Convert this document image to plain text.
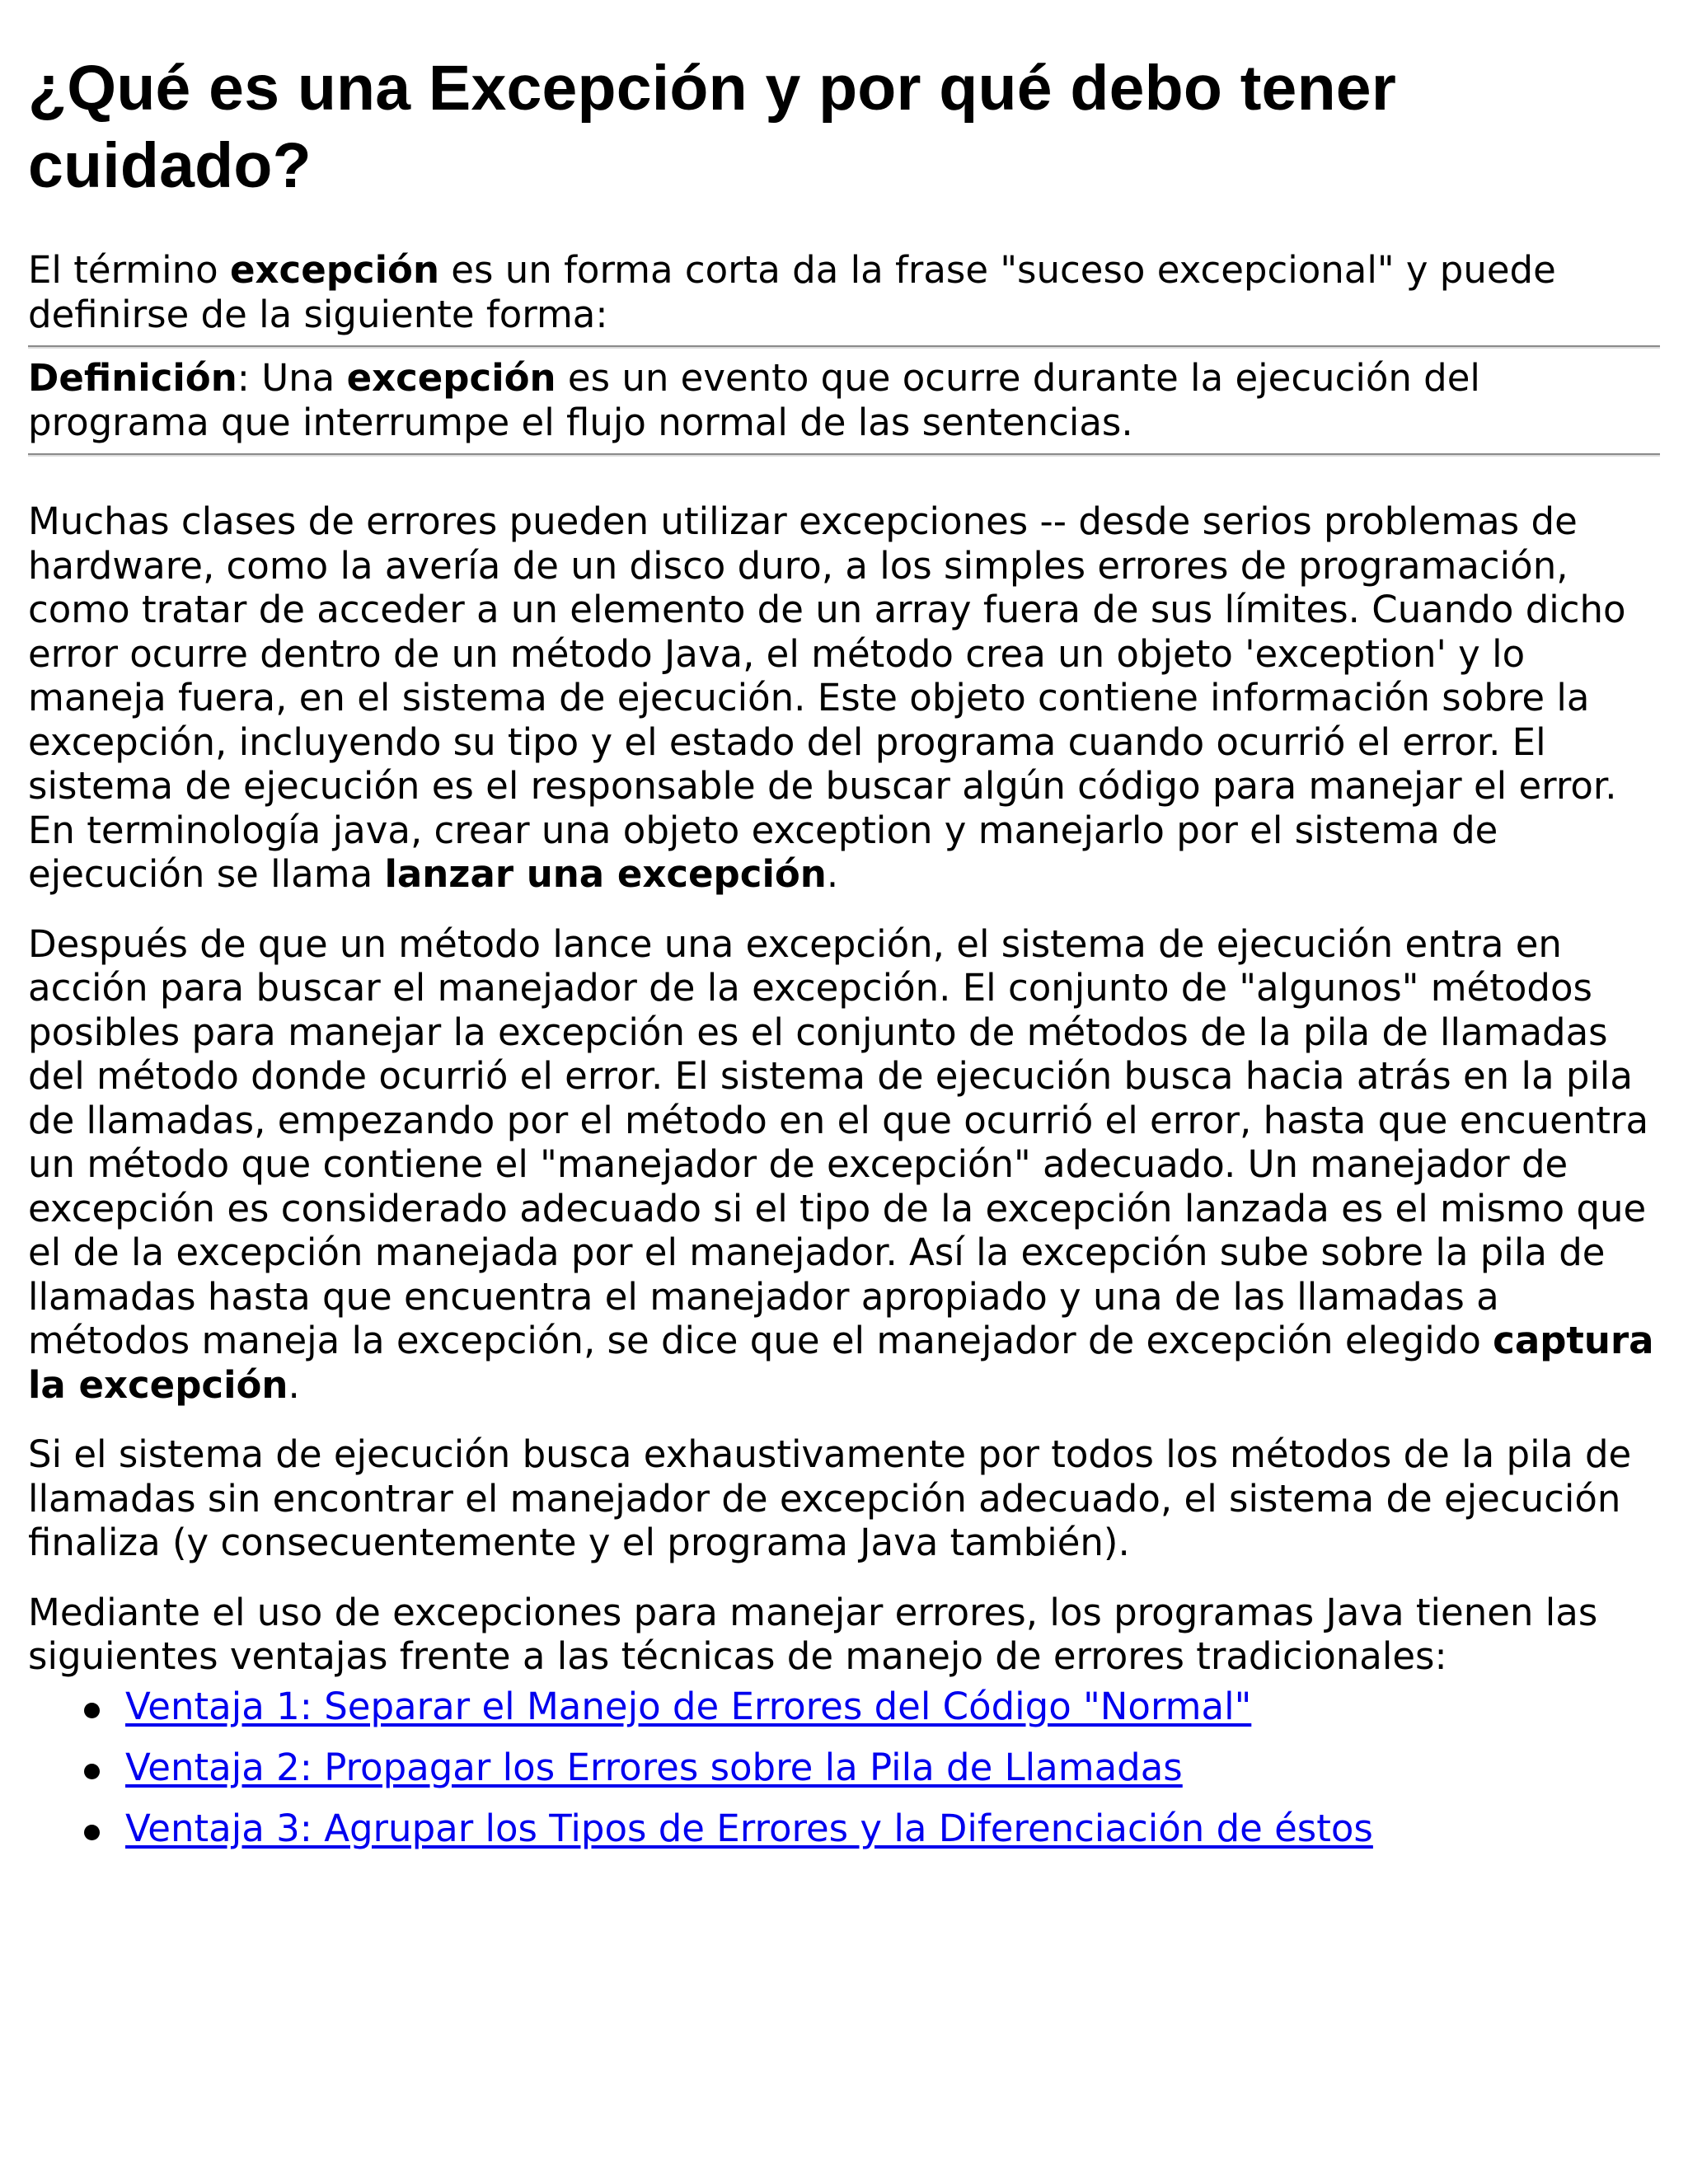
¿Qué es una Excepción y por qué debo tener cuidado?

El término excepción es un forma corta da la frase "suceso excepcional" y puede definirse de la siguiente forma:

Definición: Una excepción es un evento que ocurre durante la ejecución del programa que interrumpe el flujo normal de las sentencias.

Muchas clases de errores pueden utilizar excepciones -- desde serios problemas de hardware, como la avería de un disco duro, a los simples errores de programación, como tratar de acceder a un elemento de un array fuera de sus límites. Cuando dicho error ocurre dentro de un método Java, el método crea un objeto 'exception' y lo maneja fuera, en el sistema de ejecución. Este objeto contiene información sobre la excepción, incluyendo su tipo y el estado del programa cuando ocurrió el error. El sistema de ejecución es el responsable de buscar algún código para manejar el error. En terminología java, crear una objeto exception y manejarlo por el sistema de ejecución se llama lanzar una excepción.

Después de que un método lance una excepción, el sistema de ejecución entra en acción para buscar el manejador de la excepción. El conjunto de "algunos" métodos posibles para manejar la excepción es el conjunto de métodos de la pila de llamadas del método donde ocurrió el error. El sistema de ejecución busca hacia atrás en la pila de llamadas, empezando por el método en el que ocurrió el error, hasta que encuentra un método que contiene el "manejador de excepción" adecuado. Un manejador de excepción es considerado adecuado si el tipo de la excepción lanzada es el mismo que el de la excepción manejada por el manejador. Así la excepción sube sobre la pila de llamadas hasta que encuentra el manejador apropiado y una de las llamadas a métodos maneja la excepción, se dice que el manejador de excepción elegido captura la excepción.

Si el sistema de ejecución busca exhaustivamente por todos los métodos de la pila de llamadas sin encontrar el manejador de excepción adecuado, el sistema de ejecución finaliza (y consecuentemente y el programa Java también).

Mediante el uso de excepciones para manejar errores, los programas Java tienen las siguientes ventajas frente a las técnicas de manejo de errores tradicionales:

Ventaja 1: Separar el Manejo de Errores del Código "Normal"
Ventaja 2: Propagar los Errores sobre la Pila de Llamadas
Ventaja 3: Agrupar los Tipos de Errores y la Diferenciación de éstos
